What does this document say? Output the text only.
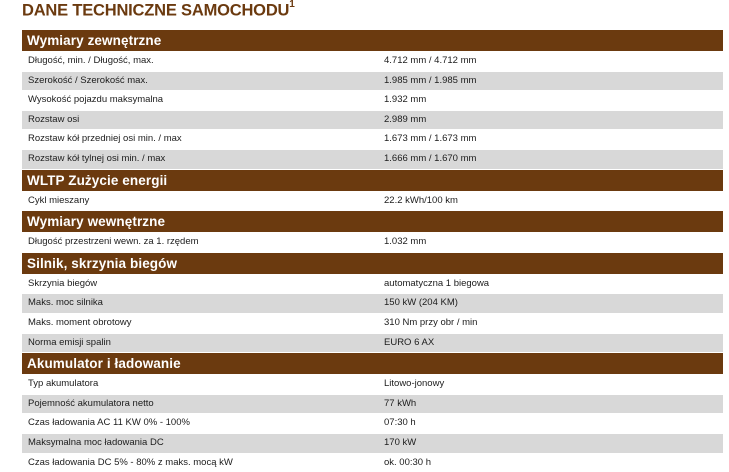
DANE TECHNICZNE SAMOCHODU$^1$
Wymiary zewnętrzne
Długość, min. / Długość, max.	4.712 mm / 4.712 mm
Szerokość / Szerokość max.	1.985 mm / 1.985 mm
Wysokość pojazdu maksymalna	1.932 mm
Rozstaw osi	2.989 mm
Rozstaw kół przedniej osi min. / max	1.673 mm / 1.673 mm
Rozstaw kół tylnej osi min. / max	1.666 mm / 1.670 mm
WLTP Zużycie energii
Cykl mieszany	22.2 kWh/100 km
Wymiary wewnętrzne
Długość przestrzeni wewn. za 1. rzędem	1.032 mm
Silnik, skrzynia biegów
Skrzynia biegów	automatyczna 1 biegowa
Maks. moc silnika	150 kW (204 KM)
Maks. moment obrotowy	310 Nm przy obr / min
Norma emisji spalin	EURO 6 AX
Akumulator i ładowanie
Typ akumulatora	Litowo-jonowy
Pojemność akumulatora netto	77 kWh
Czas ładowania AC 11 KW 0% - 100%	07:30 h
Maksymalna moc ładowania DC	170 kW
Czas ładowania DC 5% - 80% z maks. mocą kW	ok. 00:30 h
